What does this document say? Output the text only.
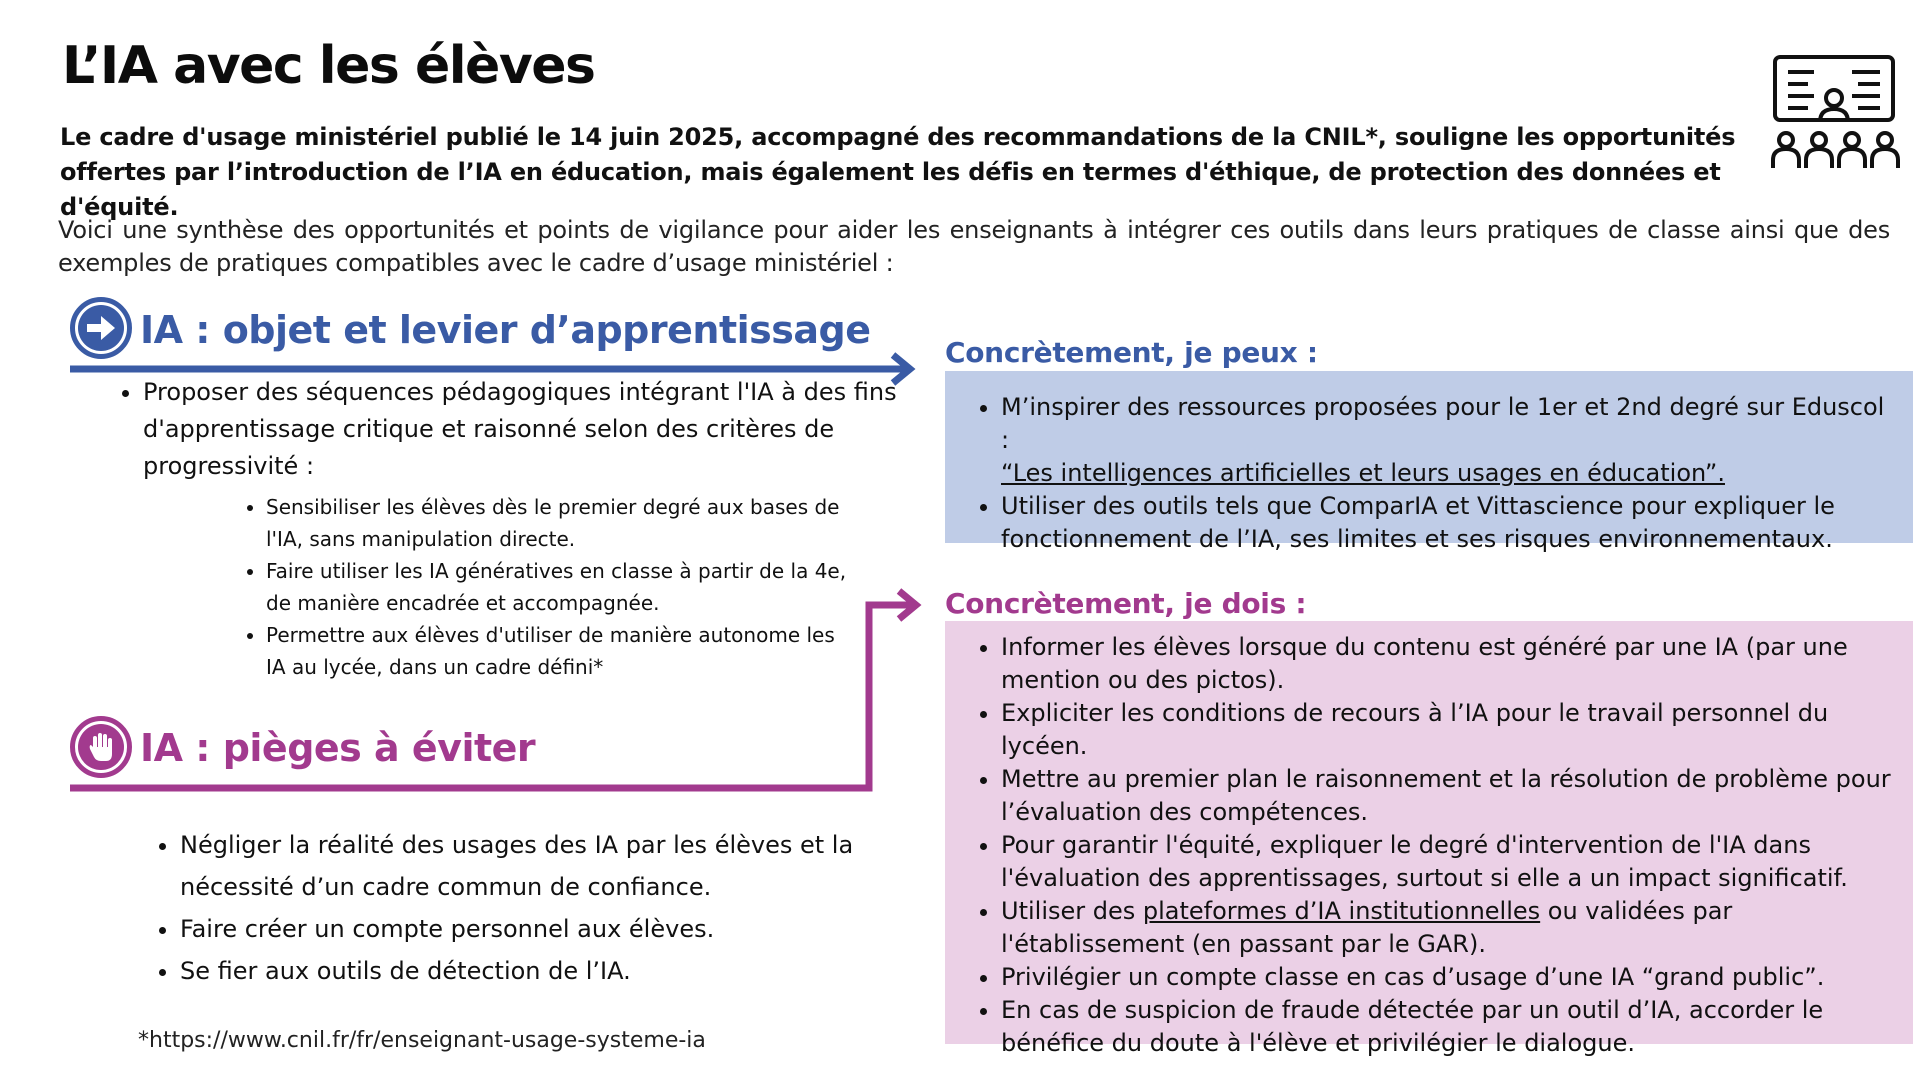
L’IA avec les élèves

Le cadre d'usage ministériel publié le 14 juin 2025, accompagné des recommandations de la CNIL*, souligne les opportunités offertes par l’introduction de l’IA en éducation, mais également les défis en termes d'éthique, de protection des données et d'équité.

Voici une synthèse des opportunités et points de vigilance pour aider les enseignants à intégrer ces outils dans leurs pratiques de classe ainsi que des exemples de pratiques compatibles avec le cadre d’usage ministériel :

IA : objet et levier d’apprentissage
• Proposer des séquences pédagogiques intégrant l'IA à des fins d'apprentissage critique et raisonné selon des critères de progressivité :
• Sensibiliser les élèves dès le premier degré aux bases de l'IA, sans manipulation directe.
• Faire utiliser les IA génératives en classe à partir de la 4e, de manière encadrée et accompagnée.
• Permettre aux élèves d'utiliser de manière autonome les IA au lycée, dans un cadre défini*
IA : pièges à éviter
• Négliger la réalité des usages des IA par les élèves et la nécessité d’un cadre commun de confiance.
• Faire créer un compte personnel aux élèves.
• Se fier aux outils de détection de l’IA.
*https://www.cnil.fr/fr/enseignant-usage-systeme-ia
Concrètement, je peux :
• M’inspirer des ressources proposées pour le 1er et 2nd degré sur Eduscol :
“Les intelligences artificielles et leurs usages en éducation”.
• Utiliser des outils tels que ComparIA et Vittascience pour expliquer le fonctionnement de l’IA, ses limites et ses risques environnementaux.
Concrètement, je dois :
• Informer les élèves lorsque du contenu est généré par une IA (par une mention ou des pictos).
• Expliciter les conditions de recours à l’IA pour le travail personnel du lycéen.
• Mettre au premier plan le raisonnement et la résolution de problème pour l’évaluation des compétences.
• Pour garantir l'équité, expliquer le degré d'intervention de l'IA dans l'évaluation des apprentissages, surtout si elle a un impact significatif.
• Utiliser des plateformes d’IA institutionnelles ou validées par l'établissement (en passant par le GAR).
• Privilégier un compte classe en cas d’usage d’une IA “grand public”.
• En cas de suspicion de fraude détectée par un outil d’IA, accorder le bénéfice du doute à l'élève et privilégier le dialogue.
